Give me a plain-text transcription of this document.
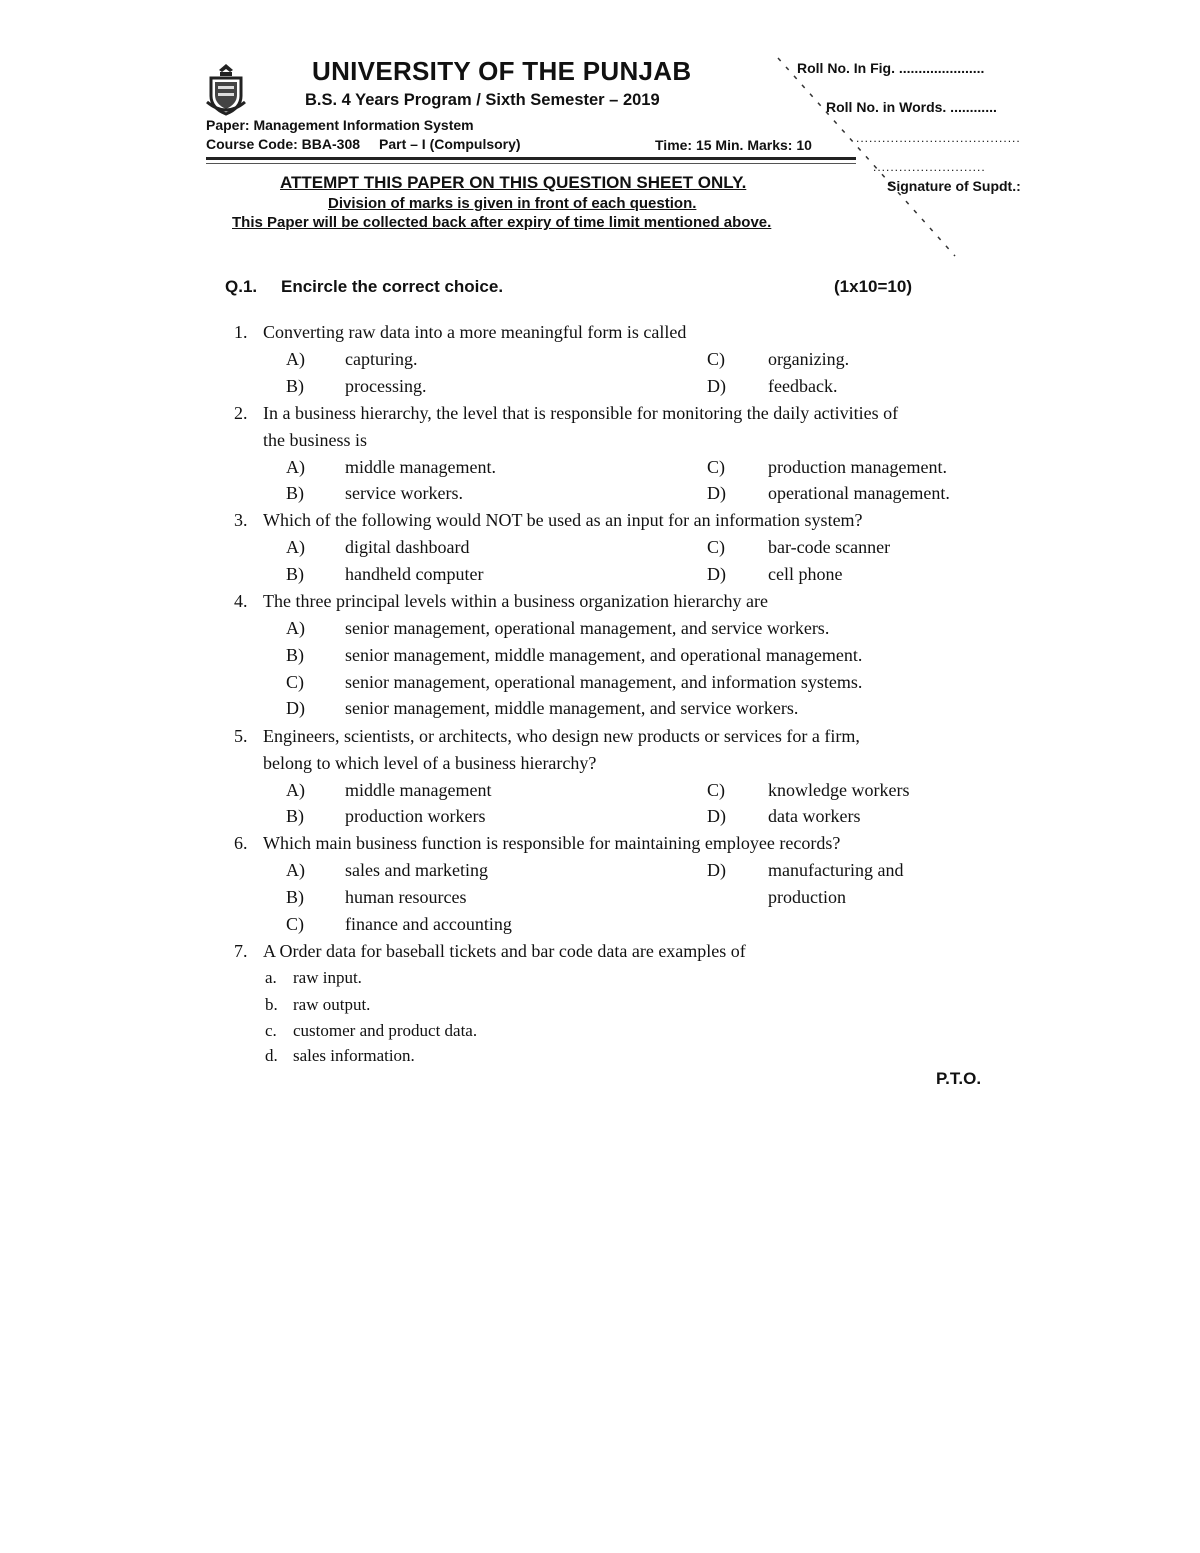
UNIVERSITY OF THE PUNJAB
B.S. 4 Years Program / Sixth Semester – 2019
Paper: Management Information System
Course Code: BBA-308 Part – I (Compulsory)	Time: 15 Min. Marks: 10
Roll No. In Fig. ......................
Roll No. in Words. ............
......................................
..........................
Signature of Supdt.:
ATTEMPT THIS PAPER ON THIS QUESTION SHEET ONLY.
Division of marks is given in front of each question.
This Paper will be collected back after expiry of time limit mentioned above.
Q.1. Encircle the correct choice.	(1x10=10)
1. Converting raw data into a more meaningful form is called
A) capturing.
B) processing.
C) organizing.
D) feedback.
2. In a business hierarchy, the level that is responsible for monitoring the daily activities of
the business is
A) middle management.
B) service workers.
C) production management.
D) operational management.
3. Which of the following would NOT be used as an input for an information system?
A) digital dashboard
B) handheld computer
C) bar-code scanner
D) cell phone
4. The three principal levels within a business organization hierarchy are
A) senior management, operational management, and service workers.
B) senior management, middle management, and operational management.
C) senior management, operational management, and information systems.
D) senior management, middle management, and service workers.
5. Engineers, scientists, or architects, who design new products or services for a firm,
belong to which level of a business hierarchy?
A) middle management
B) production workers
C) knowledge workers
D) data workers
6. Which main business function is responsible for maintaining employee records?
A) sales and marketing
B) human resources
C) finance and accounting
D) manufacturing and
production
7. A Order data for baseball tickets and bar code data are examples of
a. raw input.
b. raw output.
c. customer and product data.
d. sales information.
P.T.O.
